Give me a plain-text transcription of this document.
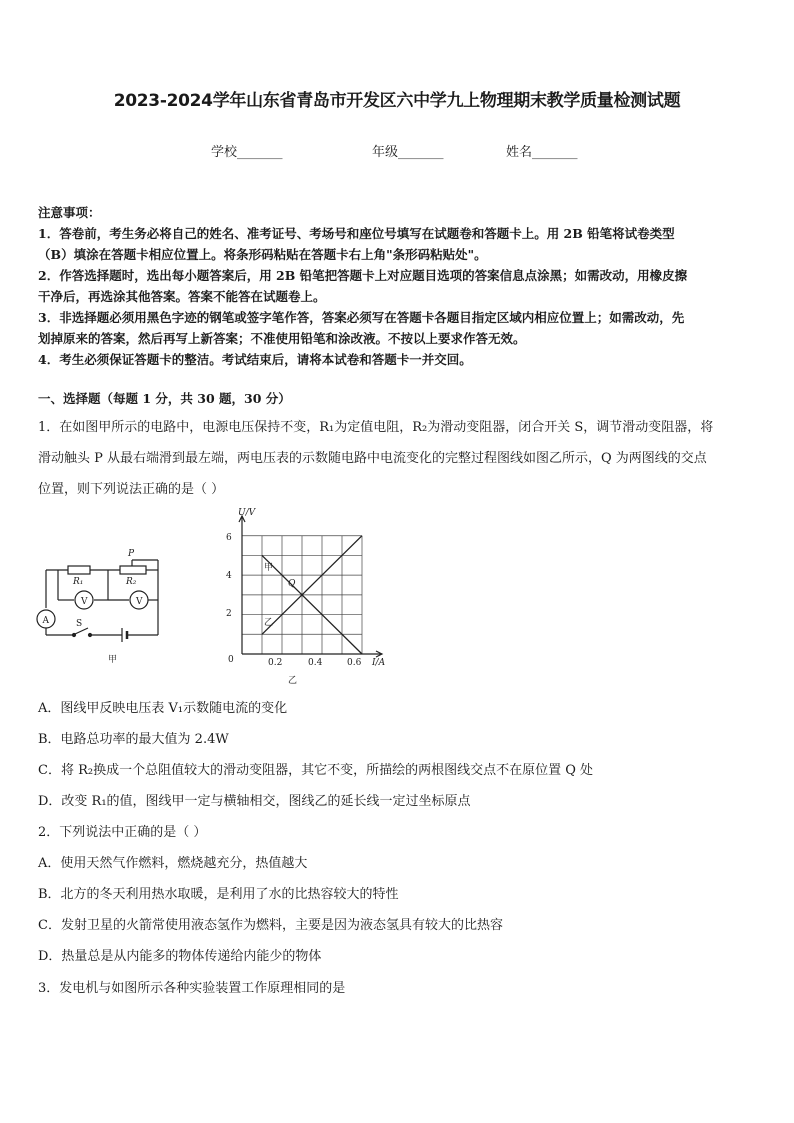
2023-2024学年山东省青岛市开发区六中学九上物理期末教学质量检测试题
学校_______	年级_______	姓名_______
注意事项：
1．答卷前，考生务必将自己的姓名、准考证号、考场号和座位号填写在试题卷和答题卡上。用 2B 铅笔将试卷类型
（B）填涂在答题卡相应位置上。将条形码粘贴在答题卡右上角"条形码粘贴处"。
2．作答选择题时，选出每小题答案后，用 2B 铅笔把答题卡上对应题目选项的答案信息点涂黑；如需改动，用橡皮擦
干净后，再选涂其他答案。答案不能答在试题卷上。
3．非选择题必须用黑色字迹的钢笔或签字笔作答，答案必须写在答题卡各题目指定区域内相应位置上；如需改动，先
划掉原来的答案，然后再写上新答案；不准使用铅笔和涂改液。不按以上要求作答无效。
4．考生必须保证答题卡的整洁。考试结束后，请将本试卷和答题卡一并交回。
一、选择题（每题 1 分，共 30 题，30 分）
1．在如图甲所示的电路中，电源电压保持不变，R₁为定值电阻，R₂为滑动变阻器，闭合开关 S，调节滑动变阻器，将
滑动触头 P 从最右端滑到最左端，两电压表的示数随电路中电流变化的完整过程图线如图乙所示，Q 为两图线的交点
位置，则下列说法正确的是（ ）
P
R₁	R₂
V	V
A	S
甲
U/V
I/A
0
6
4
2
0.2	0.4	0.6
甲
乙
Q
乙
A．图线甲反映电压表 V₁示数随电流的变化
B．电路总功率的最大值为 2.4W
C．将 R₂换成一个总阻值较大的滑动变阻器，其它不变，所描绘的两根图线交点不在原位置 Q 处
D．改变 R₁的值，图线甲一定与横轴相交，图线乙的延长线一定过坐标原点
2．下列说法中正确的是（ ）
A．使用天然气作燃料，燃烧越充分，热值越大
B．北方的冬天利用热水取暖，是利用了水的比热容较大的特性
C．发射卫星的火箭常使用液态氢作为燃料，主要是因为液态氢具有较大的比热容
D．热量总是从内能多的物体传递给内能少的物体
3．发电机与如图所示各种实验装置工作原理相同的是
